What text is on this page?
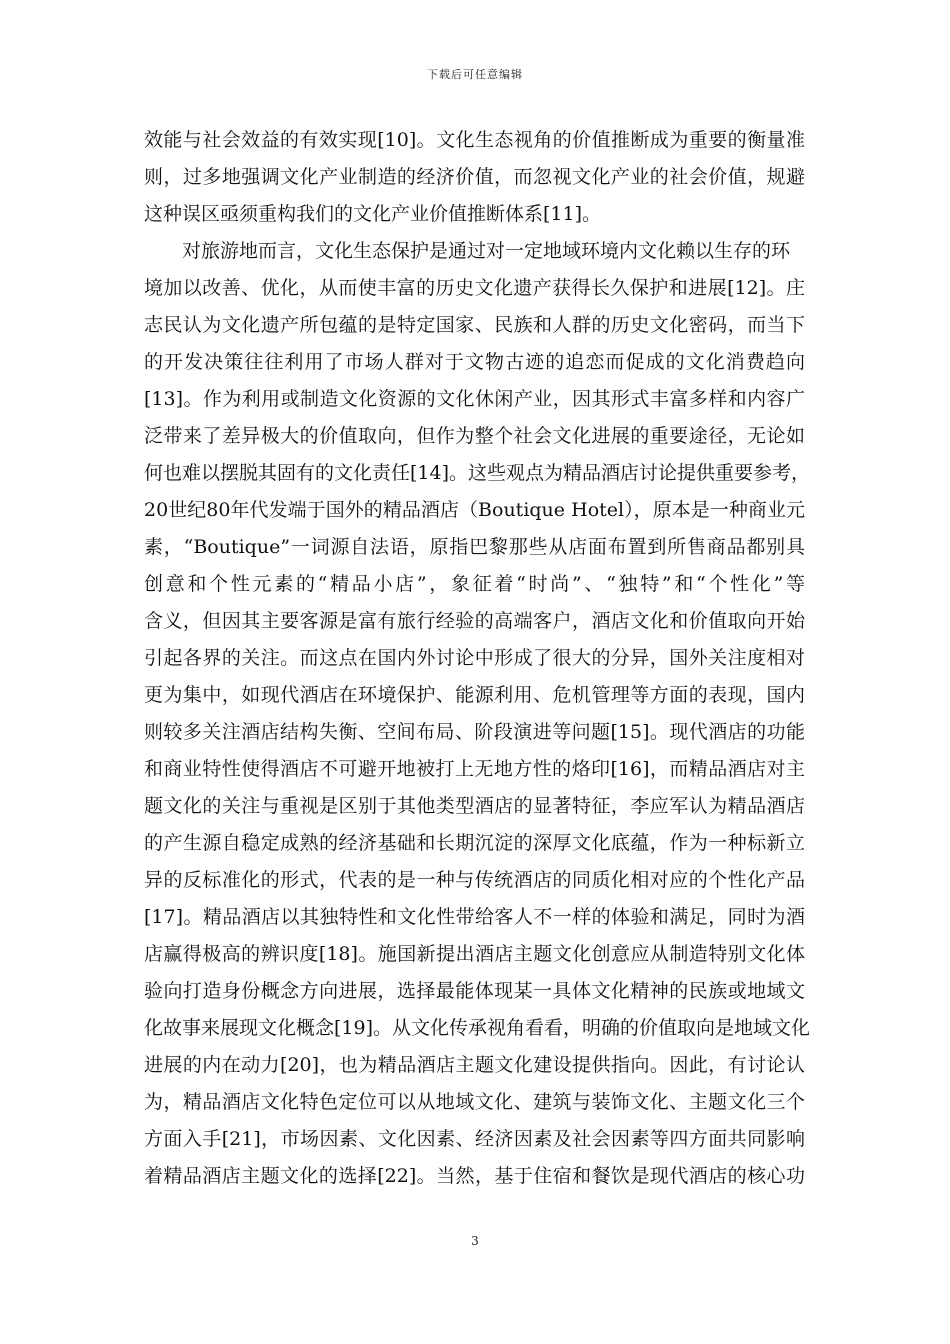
下载后可任意编辑
效能与社会效益的有效实现[10]。文化生态视角的价值推断成为重要的衡量准
则，过多地强调文化产业制造的经济价值，而忽视文化产业的社会价值，规避
这种误区亟须重构我们的文化产业价值推断体系[11]。
对旅游地而言，文化生态保护是通过对一定地域环境内文化赖以生存的环
境加以改善、优化，从而使丰富的历史文化遗产获得长久保护和进展[12]。庄
志民认为文化遗产所包蕴的是特定国家、民族和人群的历史文化密码，而当下
的开发决策往往利用了市场人群对于文物古迹的追恋而促成的文化消费趋向
[13]。作为利用或制造文化资源的文化休闲产业，因其形式丰富多样和内容广
泛带来了差异极大的价值取向，但作为整个社会文化进展的重要途径，无论如
何也难以摆脱其固有的文化责任[14]。这些观点为精品酒店讨论提供重要参考，
20世纪80年代发端于国外的精品酒店（Boutique Hotel），原本是一种商业元
素，“Boutique”一词源自法语，原指巴黎那些从店面布置到所售商品都别具
创意和个性元素的“精品小店”，象征着“时尚”、“独特”和“个性化”等
含义，但因其主要客源是富有旅行经验的高端客户，酒店文化和价值取向开始
引起各界的关注。而这点在国内外讨论中形成了很大的分异，国外关注度相对
更为集中，如现代酒店在环境保护、能源利用、危机管理等方面的表现，国内
则较多关注酒店结构失衡、空间布局、阶段演进等问题[15]。现代酒店的功能
和商业特性使得酒店不可避开地被打上无地方性的烙印[16]，而精品酒店对主
题文化的关注与重视是区别于其他类型酒店的显著特征，李应军认为精品酒店
的产生源自稳定成熟的经济基础和长期沉淀的深厚文化底蕴，作为一种标新立
异的反标准化的形式，代表的是一种与传统酒店的同质化相对应的个性化产品
[17]。精品酒店以其独特性和文化性带给客人不一样的体验和满足，同时为酒
店赢得极高的辨识度[18]。施国新提出酒店主题文化创意应从制造特别文化体
验向打造身份概念方向进展，选择最能体现某一具体文化精神的民族或地域文
化故事来展现文化概念[19]。从文化传承视角看看，明确的价值取向是地域文化
进展的内在动力[20]，也为精品酒店主题文化建设提供指向。因此，有讨论认
为，精品酒店文化特色定位可以从地域文化、建筑与装饰文化、主题文化三个
方面入手[21]，市场因素、文化因素、经济因素及社会因素等四方面共同影响
着精品酒店主题文化的选择[22]。当然，基于住宿和餐饮是现代酒店的核心功
3
